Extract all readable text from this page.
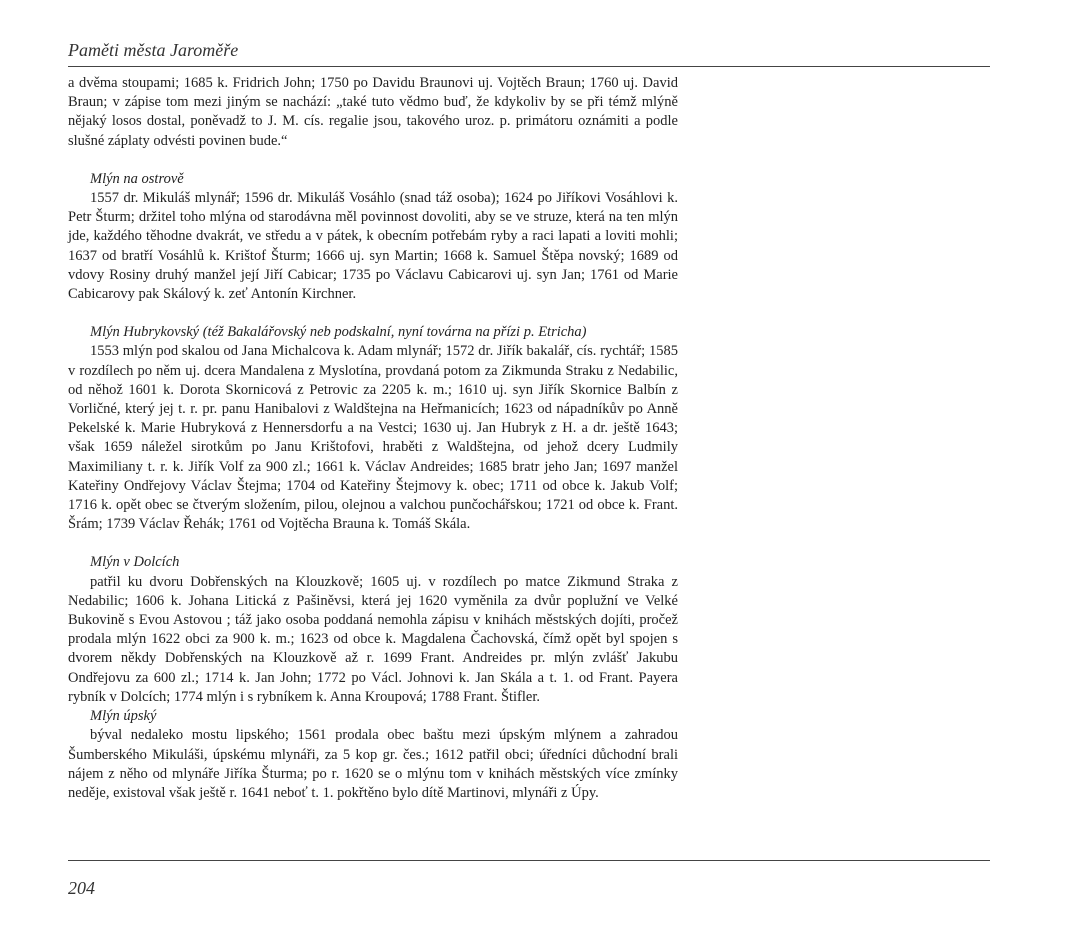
Paměti města Jaroměře

a dvěma stoupami; 1685 k. Fridrich John; 1750 po Davidu Braunovi uj. Vojtěch Braun; 1760 uj. David Braun; v zápise tom mezi jiným se nachází: „také tuto vědmo buď, že kdykoliv by se při témž mlýně nějaký losos dostal, poněvadž to J. M. cís. regalie jsou, takového uroz. p. primátoru oznámiti a podle slušné záplaty odvésti povinen bude.“

Mlýn na ostrově

1557 dr. Mikuláš mlynář; 1596 dr. Mikuláš Vosáhlo (snad táž osoba); 1624 po Jiříkovi Vosáhlovi k. Petr Šturm; držitel toho mlýna od starodávna měl povinnost dovoliti, aby se ve struze, která na ten mlýn jde, každého těhodne dvakrát, ve středu a v pátek, k obecním potřebám ryby a raci lapati a loviti mohli; 1637 od bratří Vosáhlů k. Krištof Šturm; 1666 uj. syn Martin; 1668 k. Samuel Štěpa novský; 1689 od vdovy Rosiny druhý manžel její Jiří Cabicar; 1735 po Václavu Cabicarovi uj. syn Jan; 1761 od Marie Cabicarovy pak Skálový k. zeť Antonín Kirchner.

Mlýn Hubrykovský (též Bakalářovský neb podskalní, nyní továrna na přízi p. Etricha)

1553 mlýn pod skalou od Jana Michalcova k. Adam mlynář; 1572 dr. Jiřík bakalář, cís. rychtář; 1585 v rozdílech po něm uj. dcera Mandalena z Myslotína, provdaná potom za Zikmunda Straku z Nedabilic, od něhož 1601 k. Dorota Skornicová z Petrovic za 2205 k. m.; 1610 uj. syn Jiřík Skornice Balbín z Vorličné, který jej t. r. pr. panu Hanibalovi z Waldštejna na Heřmanicích; 1623 od nápadníkův po Anně Pekelské k. Marie Hubryková z Hennersdorfu a na Vestci; 1630 uj. Jan Hubryk z H. a dr. ještě 1643; však 1659 náležel sirotkům po Janu Krištofovi, hraběti z Waldštejna, od jehož dcery Ludmily Maximiliany t. r. k. Jiřík Volf za 900 zl.; 1661 k. Václav Andreides; 1685 bratr jeho Jan; 1697 manžel Kateřiny Ondřejovy Václav Štejma; 1704 od Kateřiny Štejmovy k. obec; 1711 od obce k. Jakub Volf; 1716 k. opět obec se čtverým složením, pilou, olejnou a valchou punčochářskou; 1721 od obce k. Frant. Šrám; 1739 Václav Řehák; 1761 od Vojtěcha Brauna k. Tomáš Skála.

Mlýn v Dolcích

patřil ku dvoru Dobřenských na Klouzkově; 1605 uj. v rozdílech po matce Zikmund Straka z Nedabilic; 1606 k. Johana Litická z Pašiněvsi, která jej 1620 vyměnila za dvůr poplužní ve Velké Bukovině s Evou Astovou ; táž jako osoba poddaná nemohla zápisu v knihách městských dojíti, pročež prodala mlýn 1622 obci za 900 k. m.; 1623 od obce k. Magdalena Čachovská, čímž opět byl spojen s dvorem někdy Dobřenských na Klouzkově až r. 1699 Frant. Andreides pr. mlýn zvlášť Jakubu Ondřejovu za 600 zl.; 1714 k. Jan John; 1772 po Václ. Johnovi k. Jan Skála a t. 1. od Frant. Payera rybník v Dolcích; 1774 mlýn i s rybníkem k. Anna Kroupová; 1788 Frant. Štifler.

Mlýn úpský

býval nedaleko mostu lipského; 1561 prodala obec baštu mezi úpským mlýnem a zahradou Šumberského Mikuláši, úpskému mlynáři, za 5 kop gr. čes.; 1612 patřil obci; úředníci důchodní brali nájem z něho od mlynáře Jiříka Šturma; po r. 1620 se o mlýnu tom v knihách městských více zmínky neděje, existoval však ještě r. 1641 neboť t. 1. pokřtěno bylo dítě Martinovi, mlynáři z Úpy.

204
